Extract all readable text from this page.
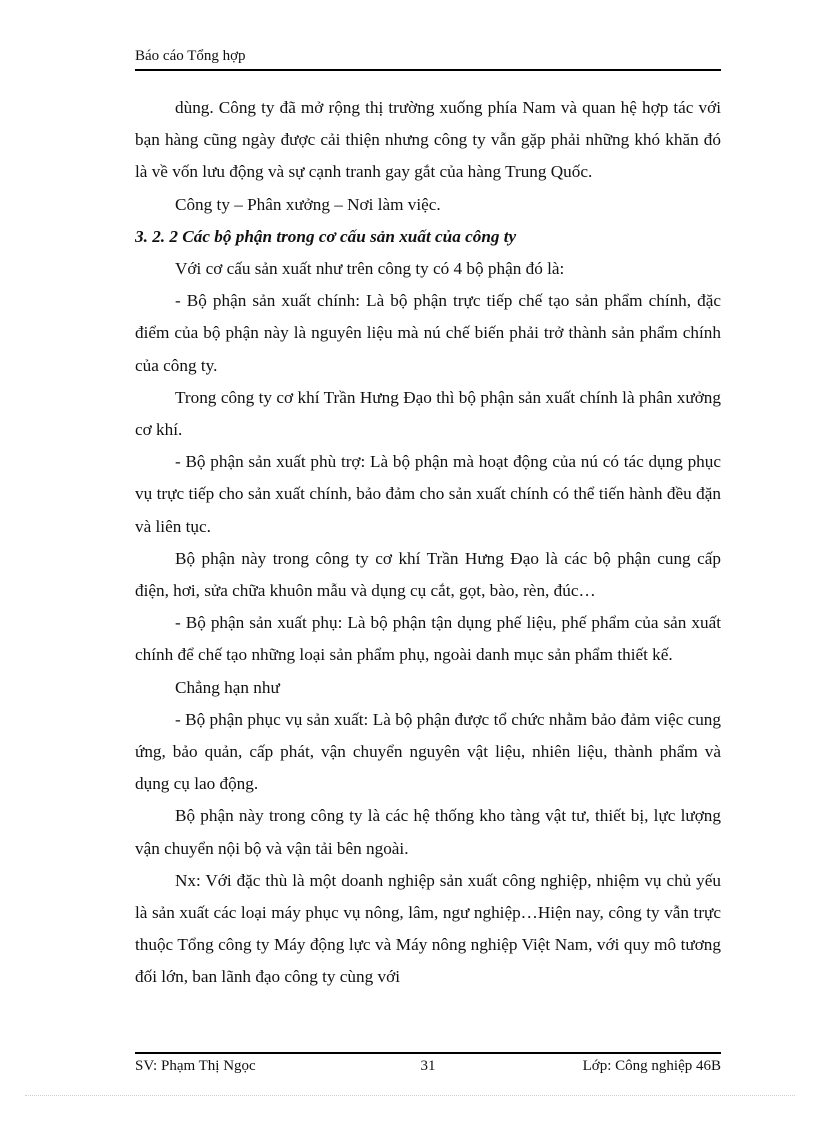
Báo cáo Tổng hợp

dùng. Công ty đã mở rộng thị trường xuống phía Nam và quan hệ hợp tác với bạn hàng cũng ngày được cải thiện nhưng công ty vẫn gặp phải những khó khăn đó là về vốn lưu động và sự cạnh tranh gay gắt của hàng Trung Quốc.

Công ty – Phân xưởng – Nơi làm việc.

3. 2. 2 Các bộ phận trong cơ cấu sản xuất của công ty

Với cơ cấu sản xuất như trên công ty có 4 bộ phận đó là:

- Bộ phận sản xuất chính: Là bộ phận trực tiếp chế tạo sản phẩm chính, đặc điểm của bộ phận này là nguyên liệu mà nú chế biến phải trở thành sản phẩm chính của công ty.

Trong công ty cơ khí Trần Hưng Đạo thì bộ phận sản xuất chính là phân xưởng cơ khí.

- Bộ phận sản xuất phù trợ: Là bộ phận mà hoạt động của nú có tác dụng phục vụ trực tiếp cho sản xuất chính, bảo đảm cho sản xuất chính có thể tiến hành đều đặn và liên tục.

Bộ phận này trong công ty cơ khí Trần Hưng Đạo là các bộ phận cung cấp điện, hơi, sửa chữa khuôn mẫu và dụng cụ cắt, gọt, bào, rèn, đúc…

- Bộ phận sản xuất phụ: Là bộ phận tận dụng phế liệu, phế phẩm của sản xuất chính để chế tạo những loại sản phẩm phụ, ngoài danh mục sản phẩm thiết kế.

Chẳng hạn như

- Bộ phận phục vụ sản xuất: Là bộ phận được tổ chức nhằm bảo đảm việc cung ứng, bảo quản, cấp phát, vận chuyển nguyên vật liệu, nhiên liệu, thành phẩm và dụng cụ lao động.

Bộ phận này trong công ty là các hệ thống kho tàng vật tư, thiết bị, lực lượng vận chuyển nội bộ và vận tải bên ngoài.

Nx: Với đặc thù là một doanh nghiệp sản xuất công nghiệp, nhiệm vụ chủ yếu là sản xuất các loại máy phục vụ nông, lâm, ngư nghiệp…Hiện nay, công ty vẫn trực thuộc Tổng công ty Máy động lực và Máy nông nghiệp Việt Nam, với quy mô tương đối lớn, ban lãnh đạo công ty cùng với

SV: Phạm Thị Ngọc	31	Lớp: Công nghiệp 46B
